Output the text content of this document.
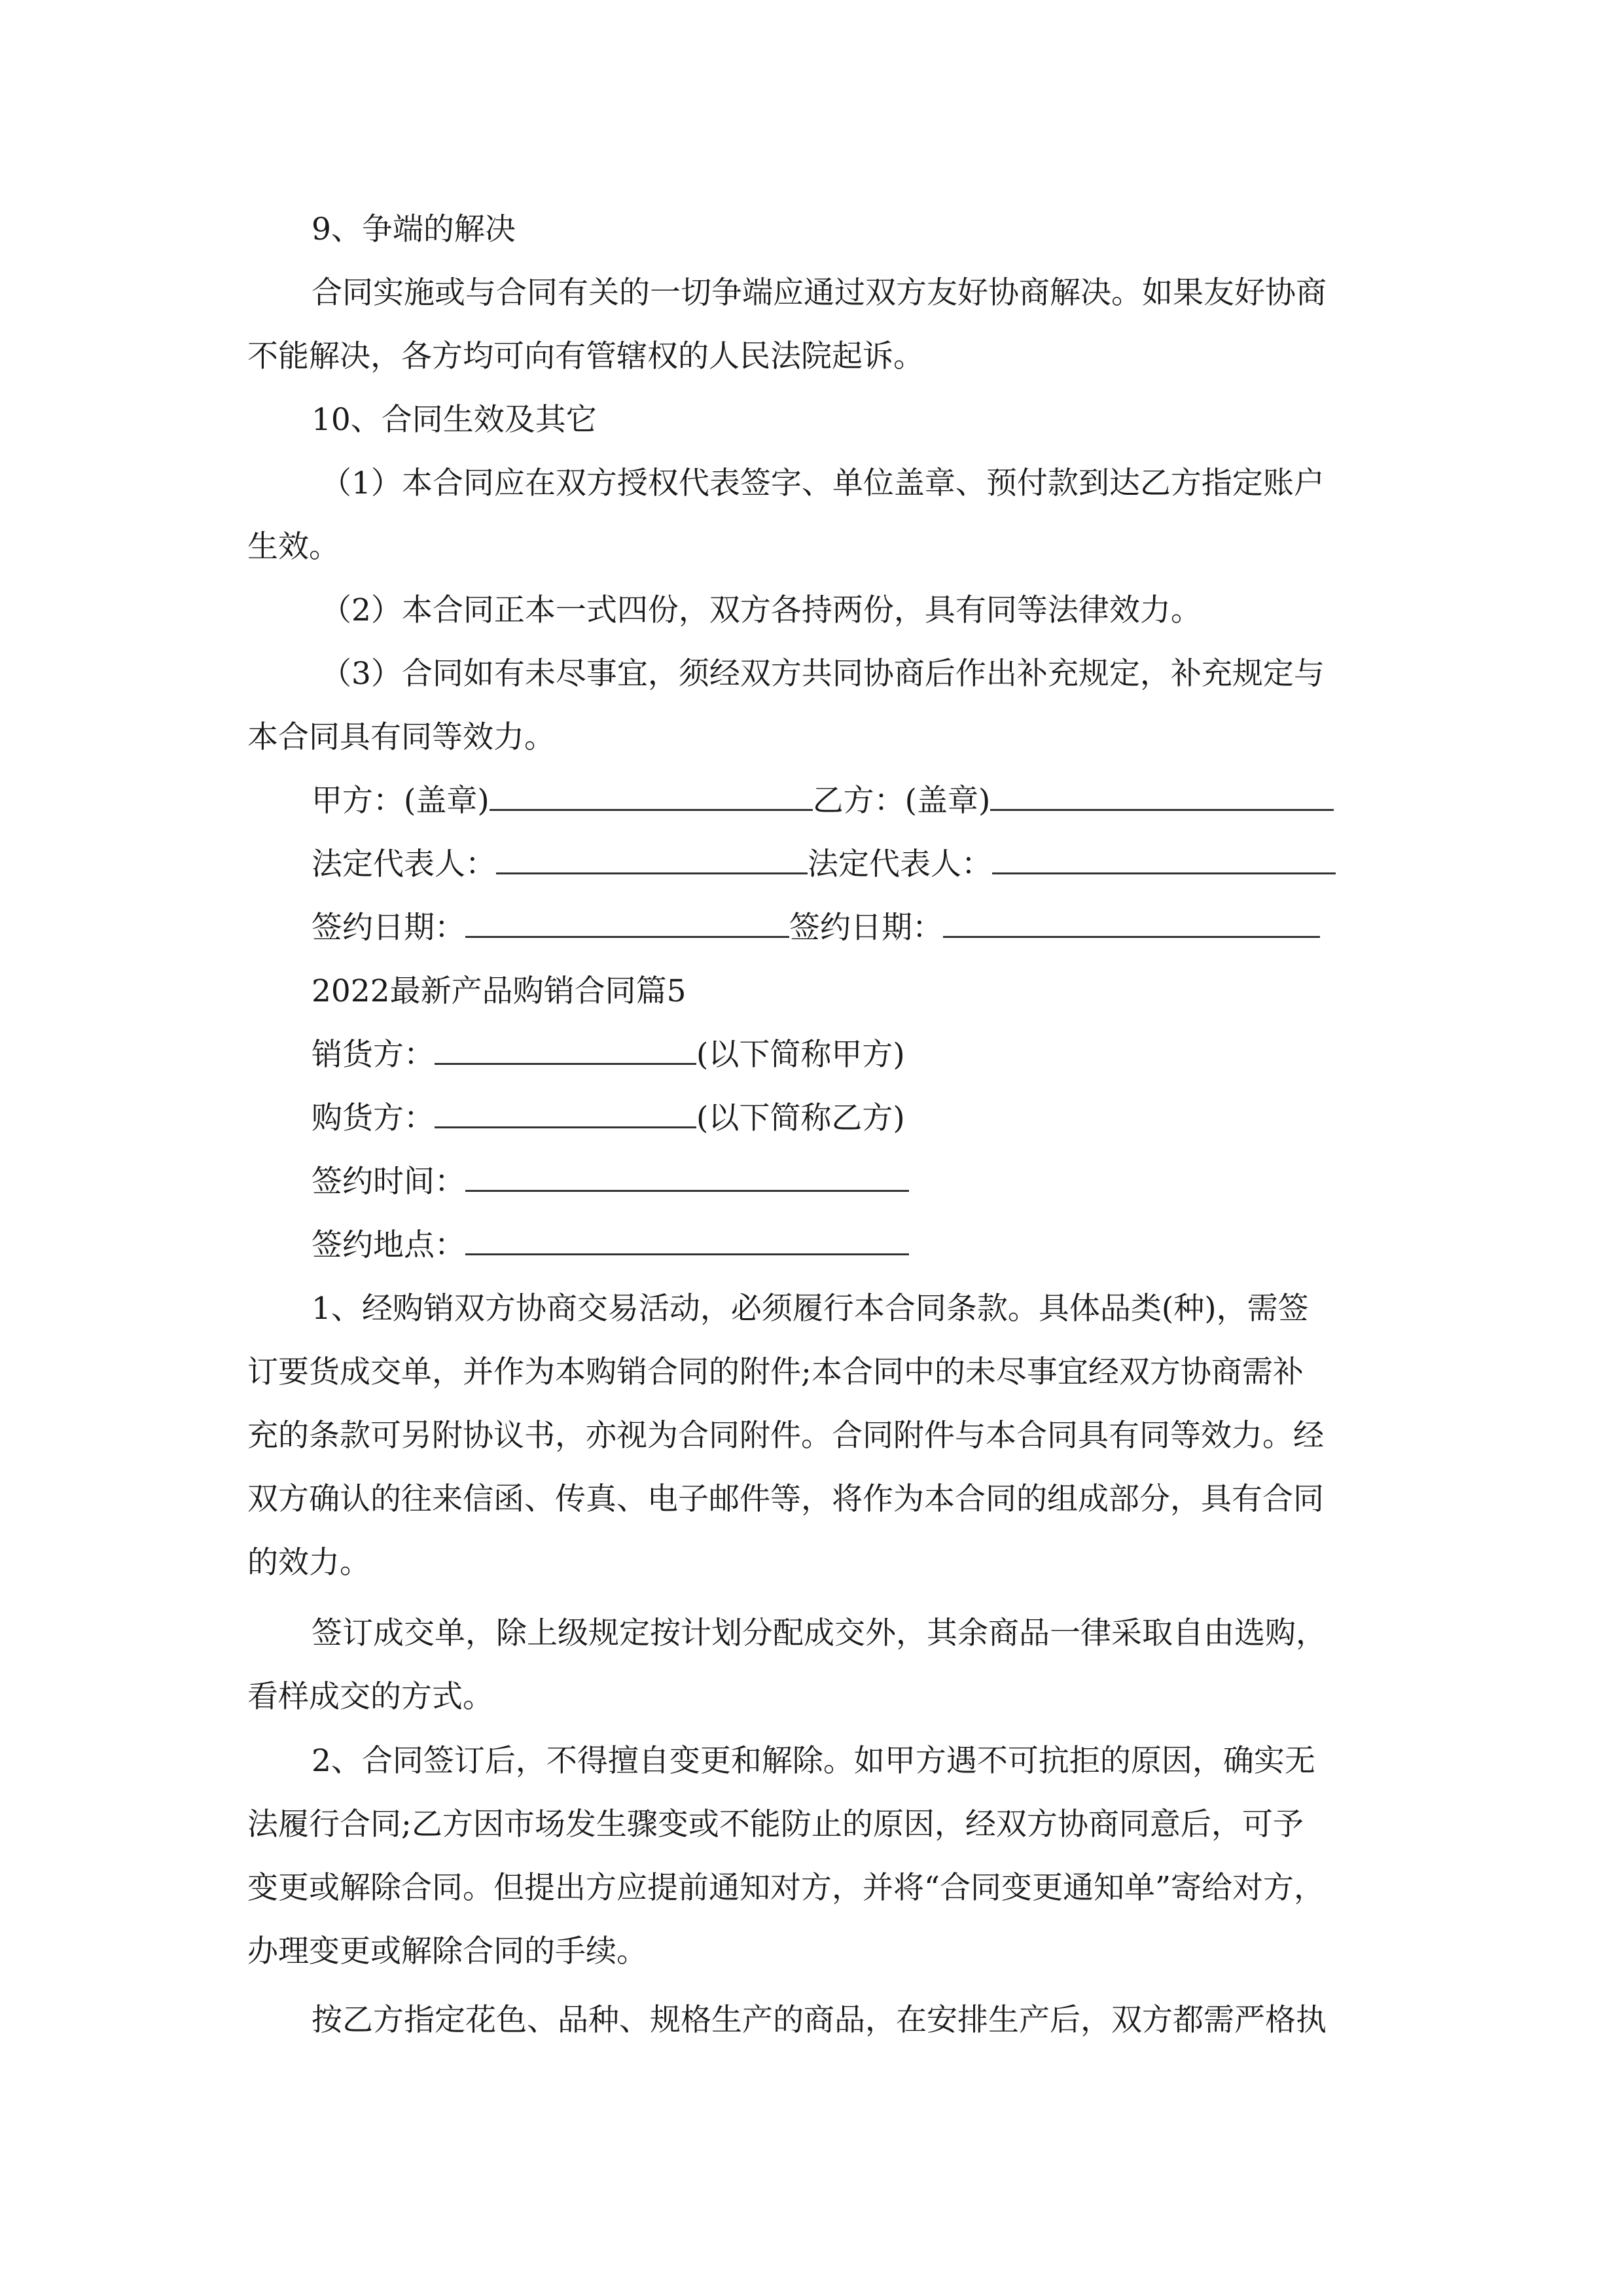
9、争端的解决
合同实施或与合同有关的一切争端应通过双方友好协商解决。如果友好协商
不能解决，各方均可向有管辖权的人民法院起诉。
10、合同生效及其它
（1）本合同应在双方授权代表签字、单位盖章、预付款到达乙方指定账户
生效。
（2）本合同正本一式四份，双方各持两份，具有同等法律效力。
（3）合同如有未尽事宜，须经双方共同协商后作出补充规定，补充规定与
本合同具有同等效力。
甲方：(盖章)	乙方：(盖章)
法定代表人：	法定代表人：
签约日期：	签约日期：
2022最新产品购销合同篇5
销货方：	(以下简称甲方)
购货方：	(以下简称乙方)
签约时间：
签约地点：
1、经购销双方协商交易活动，必须履行本合同条款。具体品类(种)，需签
订要货成交单，并作为本购销合同的附件;本合同中的未尽事宜经双方协商需补
充的条款可另附协议书，亦视为合同附件。合同附件与本合同具有同等效力。经
双方确认的往来信函、传真、电子邮件等，将作为本合同的组成部分，具有合同
的效力。
签订成交单，除上级规定按计划分配成交外，其余商品一律采取自由选购，
看样成交的方式。
2、合同签订后，不得擅自变更和解除。如甲方遇不可抗拒的原因，确实无
法履行合同;乙方因市场发生骤变或不能防止的原因，经双方协商同意后，可予
变更或解除合同。但提出方应提前通知对方，并将“合同变更通知单”寄给对方，
办理变更或解除合同的手续。
按乙方指定花色、品种、规格生产的商品，在安排生产后，双方都需严格执
